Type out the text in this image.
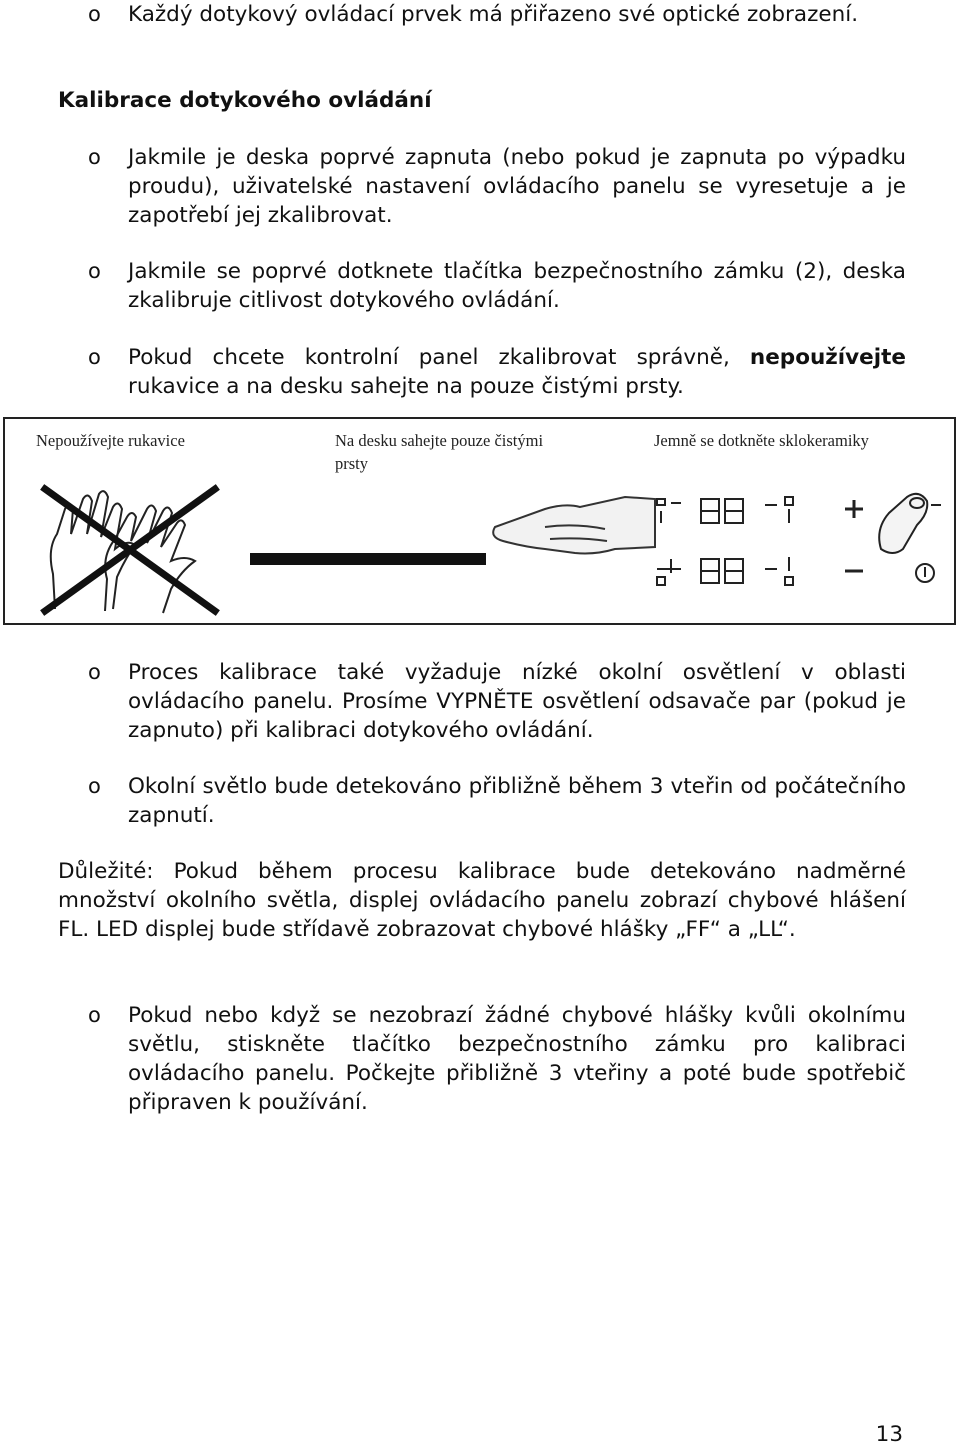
o Každý dotykový ovládací prvek má přiřazeno své optické zobrazení.
Kalibrace dotykového ovládání
o Jakmile je deska poprvé zapnuta (nebo pokud je zapnuta po výpadku proudu), uživatelské nastavení ovládacího panelu se vyresetuje a je zapotřebí jej zkalibrovat.
o Jakmile se poprvé dotknete tlačítka bezpečnostního zámku (2), deska zkalibruje citlivost dotykového ovládání.
o Pokud chcete kontrolní panel zkalibrovat správně, nepoužívejte rukavice a na desku sahejte na pouze čistými prsty.
Nepoužívejte rukavice	Na desku sahejte pouze čistými prsty
Jemně se dotkněte sklokeramiky
o Proces kalibrace také vyžaduje nízké okolní osvětlení v oblasti ovládacího panelu. Prosíme VYPNĚTE osvětlení odsavače par (pokud je zapnuto) při kalibraci dotykového ovládání.
o Okolní světlo bude detekováno přibližně během 3 vteřin od počátečního zapnutí.
Důležité: Pokud během procesu kalibrace bude detekováno nadměrné množství okolního světla, displej ovládacího panelu zobrazí chybové hlášení FL. LED displej bude střídavě zobrazovat chybové hlášky „FF“ a „LL“.
o Pokud nebo když se nezobrazí žádné chybové hlášky kvůli okolnímu světlu, stiskněte tlačítko bezpečnostního zámku pro kalibraci ovládacího panelu. Počkejte přibližně 3 vteřiny a poté bude spotřebič připraven k používání.
13
